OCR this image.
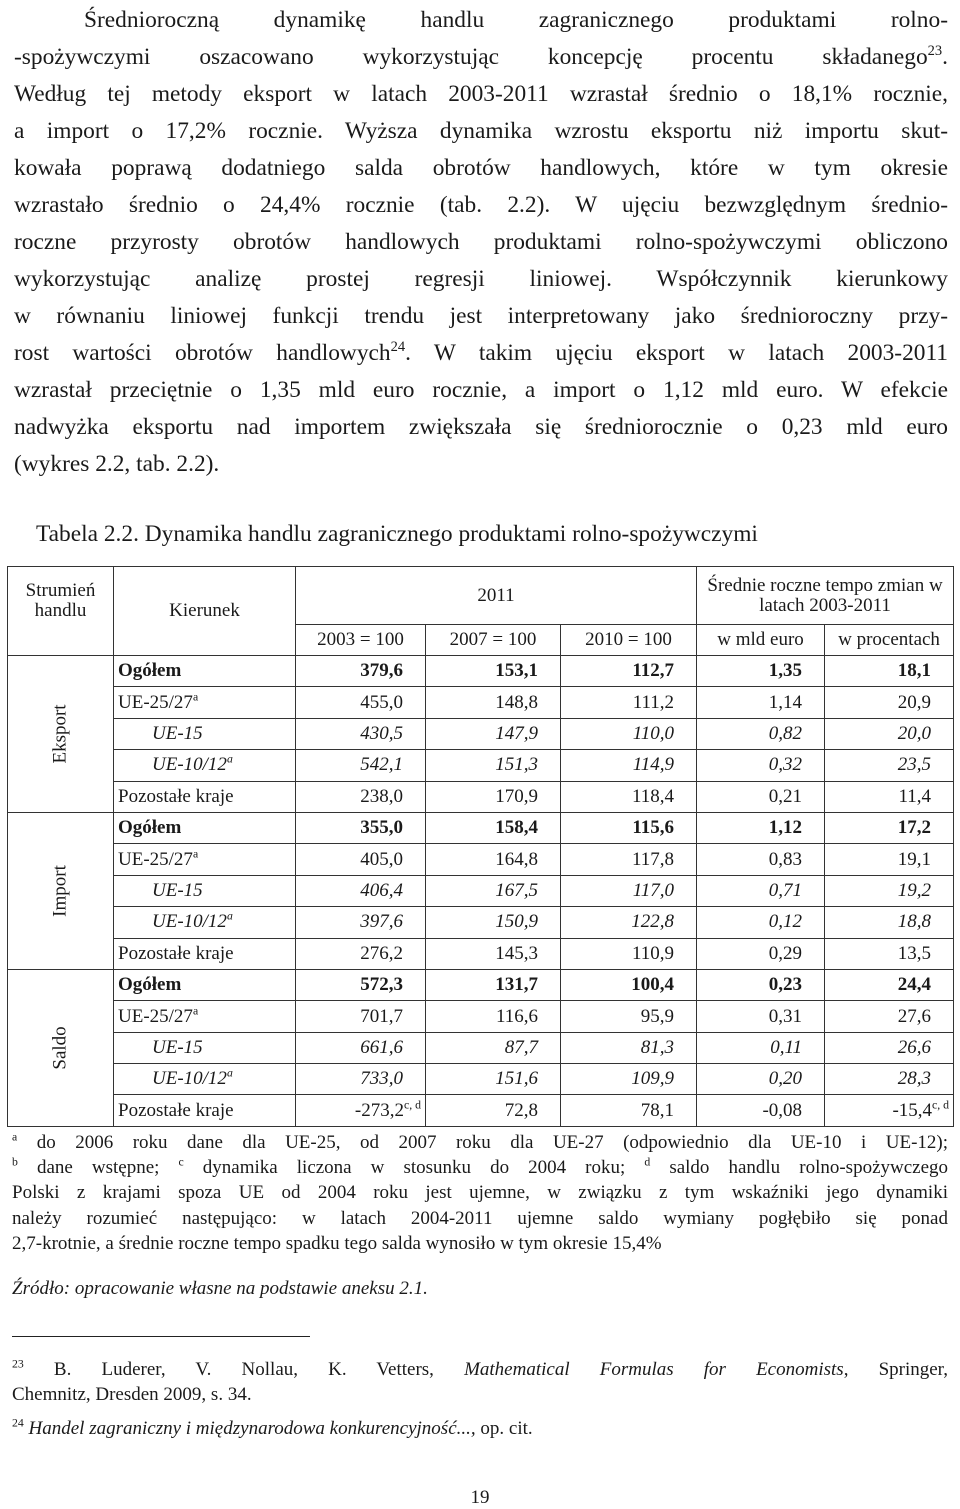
Średnioroczną dynamikę handlu zagranicznego produktami rolno-
-spożywczymi oszacowano wykorzystując koncepcję procentu składanego$^{23}$.
Według tej metody eksport w latach 2003-2011 wzrastał średnio o 18,1% rocznie,
a import o 17,2% rocznie. Wyższa dynamika wzrostu eksportu niż importu skut-
kowała poprawą dodatniego salda obrotów handlowych, które w tym okresie
wzrastało średnio o 24,4% rocznie (tab. 2.2). W ujęciu bezwzględnym średnio-
roczne przyrosty obrotów handlowych produktami rolno-spożywczymi obliczono
wykorzystując analizę prostej regresji liniowej. Współczynnik kierunkowy
w równaniu liniowej funkcji trendu jest interpretowany jako średnioroczny przy-
rost wartości obrotów handlowych$^{24}$. W takim ujęciu eksport w latach 2003-2011
wzrastał przeciętnie o 1,35 mld euro rocznie, a import o 1,12 mld euro. W efekcie
nadwyżka eksportu nad importem zwiększała się średniorocznie o 0,23 mld euro
(wykres 2.2, tab. 2.2).

Tabela 2.2. Dynamika handlu zagranicznego produktami rolno-spożywczymi
Strumień handlu	Kierunek	2011			Średnie roczne tempo zmian w latach 2003-2011	
		2003 = 100	2007 = 100	2010 = 100	w mld euro	w procentach

Eksport	Ogółem	379,6	153,1	112,7	1,35	18,1
	UE-25/27$^a$	455,0	148,8	111,2	1,14	20,9
	UE-15	430,5	147,9	110,0	0,82	20,0
	UE-10/12$^a$	542,1	151,3	114,9	0,32	23,5
	Pozostałe kraje	238,0	170,9	118,4	0,21	11,4

Import	Ogółem	355,0	158,4	115,6	1,12	17,2
	UE-25/27$^a$	405,0	164,8	117,8	0,83	19,1
	UE-15	406,4	167,5	117,0	0,71	19,2
	UE-10/12$^a$	397,6	150,9	122,8	0,12	18,8
	Pozostałe kraje	276,2	145,3	110,9	0,29	13,5

Saldo	Ogółem	572,3	131,7	100,4	0,23	24,4
	UE-25/27$^a$	701,7	116,6	95,9	0,31	27,6
	UE-15	661,6	87,7	81,3	0,11	26,6
	UE-10/12$^a$	733,0	151,6	109,9	0,20	28,3
	Pozostałe kraje	-273,2$^{c, d}$	72,8	78,1	-0,08	-15,4$^{c, d}$

$^a$ do 2006 roku dane dla UE-25, od 2007 roku dla UE-27 (odpowiednio dla UE-10 i UE-12);
$^b$ dane wstępne; $^c$ dynamika liczona w stosunku do 2004 roku; $^d$ saldo handlu rolno-spożywczego
Polski z krajami spoza UE od 2004 roku jest ujemne, w związku z tym wskaźniki jego dynamiki
należy rozumieć następująco: w latach 2004-2011 ujemne saldo wymiany pogłębiło się ponad
2,7-krotnie, a średnie roczne tempo spadku tego salda wynosiło w tym okresie 15,4%

Źródło: opracowanie własne na podstawie aneksu 2.1.

$^{23}$ B. Luderer, V. Nollau, K. Vetters, Mathematical Formulas for Economists, Springer,
Chemnitz, Dresden 2009, s. 34.

$^{24}$ Handel zagraniczny i międzynarodowa konkurencyjność..., op. cit.

19
